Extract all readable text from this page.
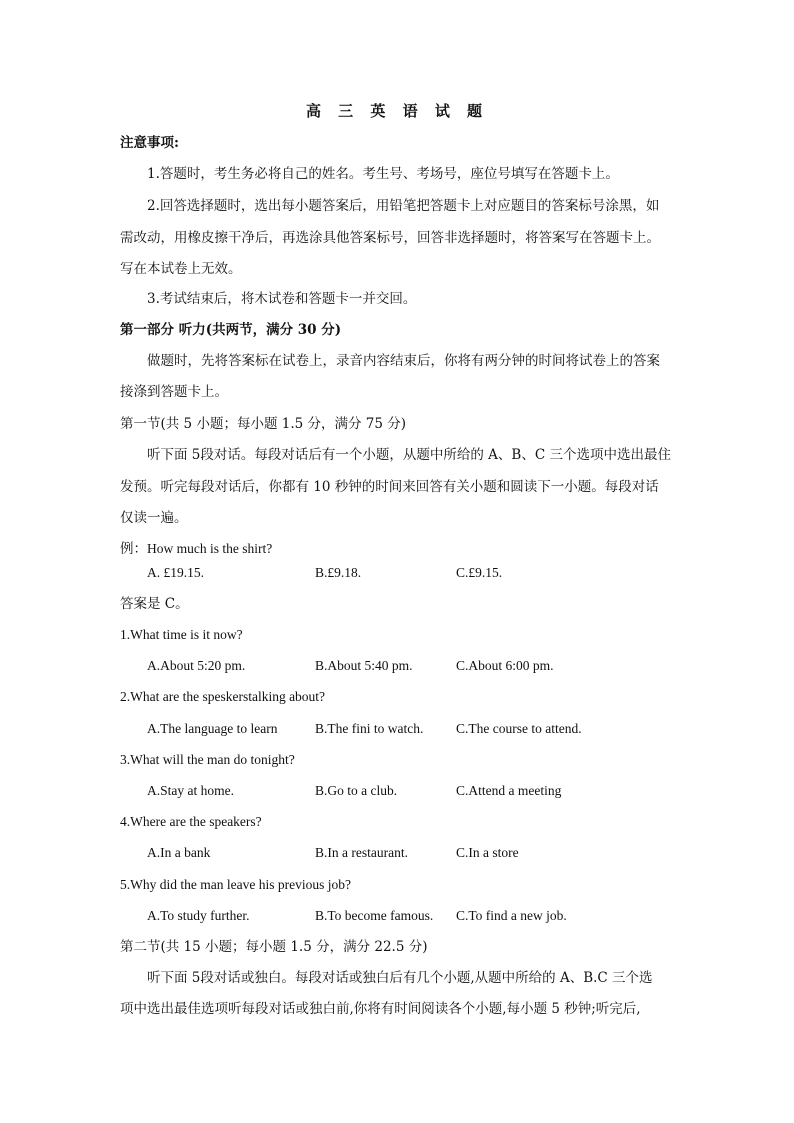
高 三 英 语 试 题
注意事项:
1.答题时，考生务必将自己的姓名。考生号、考场号，座位号填写在答题卡上。
2.回答选择题时，选出每小题答案后，用铅笔把答题卡上对应题目的答案标号涂黑，如
需改动，用橡皮擦干净后，再选涂具他答案标号，回答非选择题时，将答案写在答题卡上。
写在本试卷上无效。
3.考试结束后，将木试卷和答题卡一并交回。
第一部分 听力(共两节，满分 30 分)
做题时，先将答案标在试卷上，录音内容结束后，你将有两分钟的时间将试卷上的答案
接涤到答题卡上。
第一节(共 5 小题；每小题 1.5 分，满分 75 分)
听下面 5段对话。每段对话后有一个小题，从题中所给的 A、B、C 三个选项中选出最住
发预。听完每段对话后，你都有 10 秒钟的时间来回答有关小题和圆读下一小题。每段对话
仅读一遍。
例：How much is the shirt?
A. £19.15.	B.£9.18.	C.£9.15.
答案是 C。
1.What time is it now?
A.About 5:20 pm.	B.About 5:40 pm.	C.About 6:00 pm.
2.What are the speskerstalking about?
A.The language to learn	B.The fini to watch. C.The course to attend.
3.What will the man do tonight?
A.Stay at home.	B.Go to a club.	C.Attend a meeting
4.Where are the speakers?
A.In a bank	B.In a restaurant.	C.In a store
5.Why did the man leave his previous job?
A.To study further.	B.To become famous. C.To find a new job.
第二节(共 15 小题；每小题 1.5 分，满分 22.5 分)
听下面 5段对话或独白。每段对话或独白后有几个小题,从题中所给的 A、B.C 三个选
项中选出最佳选项听每段对话或独白前,你将有时间阅读各个小题,每小题 5 秒钟;听完后,
